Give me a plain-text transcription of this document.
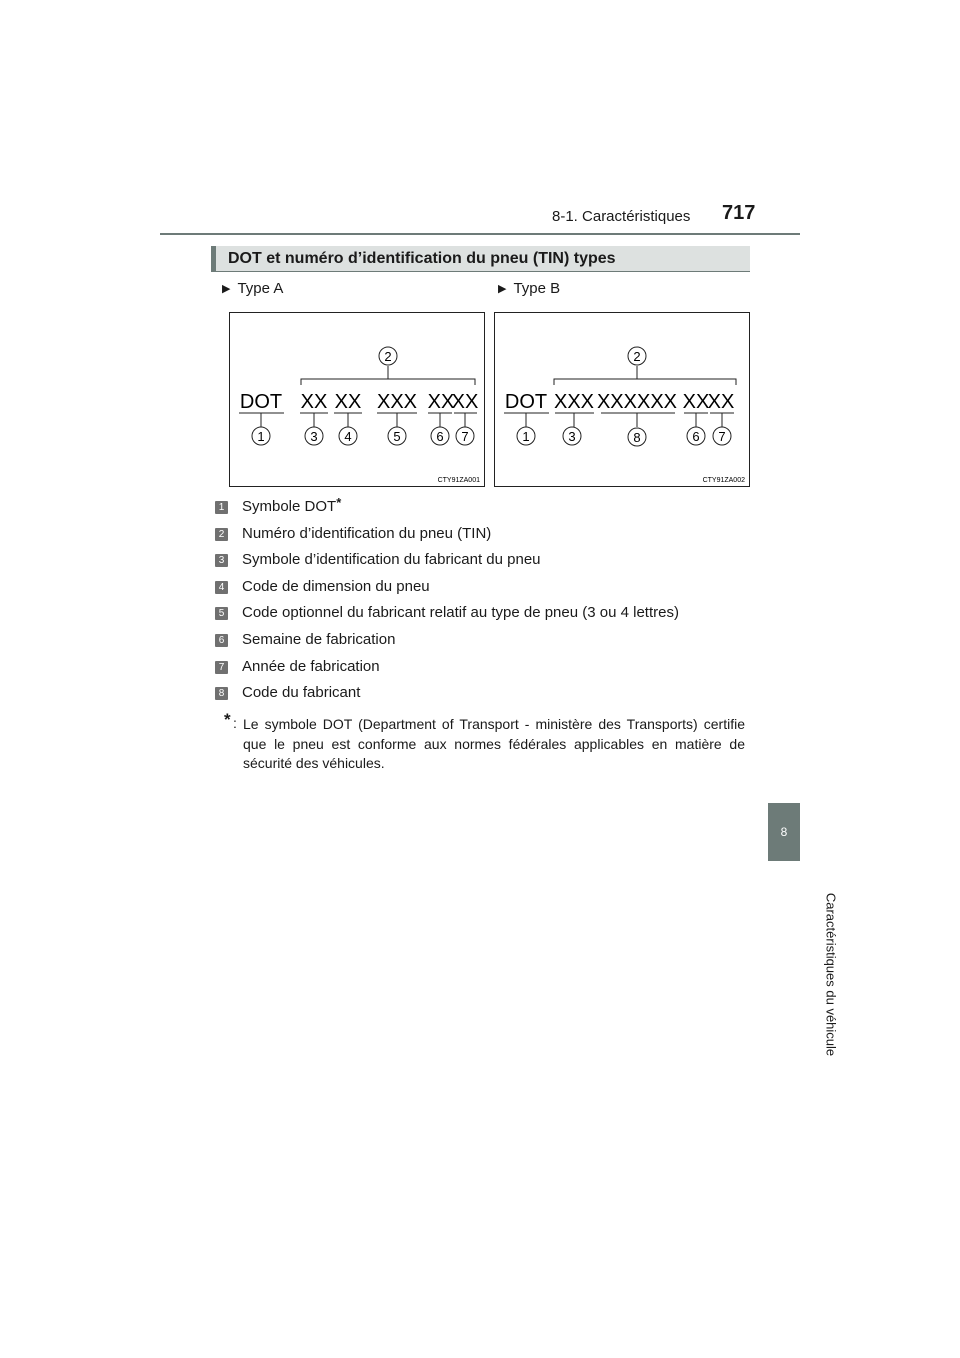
8-1. Caractéristiques 717
8
Caractéristiques du véhicule
DOT et numéro d’identification du pneu (TIN) types
▶ Type A	▶ Type B
2
DOT XX XX XXX XX
XX
1	3 4	5	6 7
CTY91ZA001
2
DOT XXX XXXXXX XX
XX
1	3	8	6 7
CTY91ZA002
1 Symbole DOT*
2 Numéro d’identification du pneu (TIN)
3 Symbole d’identification du fabricant du pneu
4 Code de dimension du pneu
5 Code optionnel du fabricant relatif au type de pneu (3 ou 4 lettres)
6 Semaine de fabrication
7 Année de fabrication
8 Code du fabricant
* : Le symbole DOT (Department of Transport - ministère des Transports) certifie que le pneu est conforme aux normes fédérales applicables en matière de sécurité des véhicules.
